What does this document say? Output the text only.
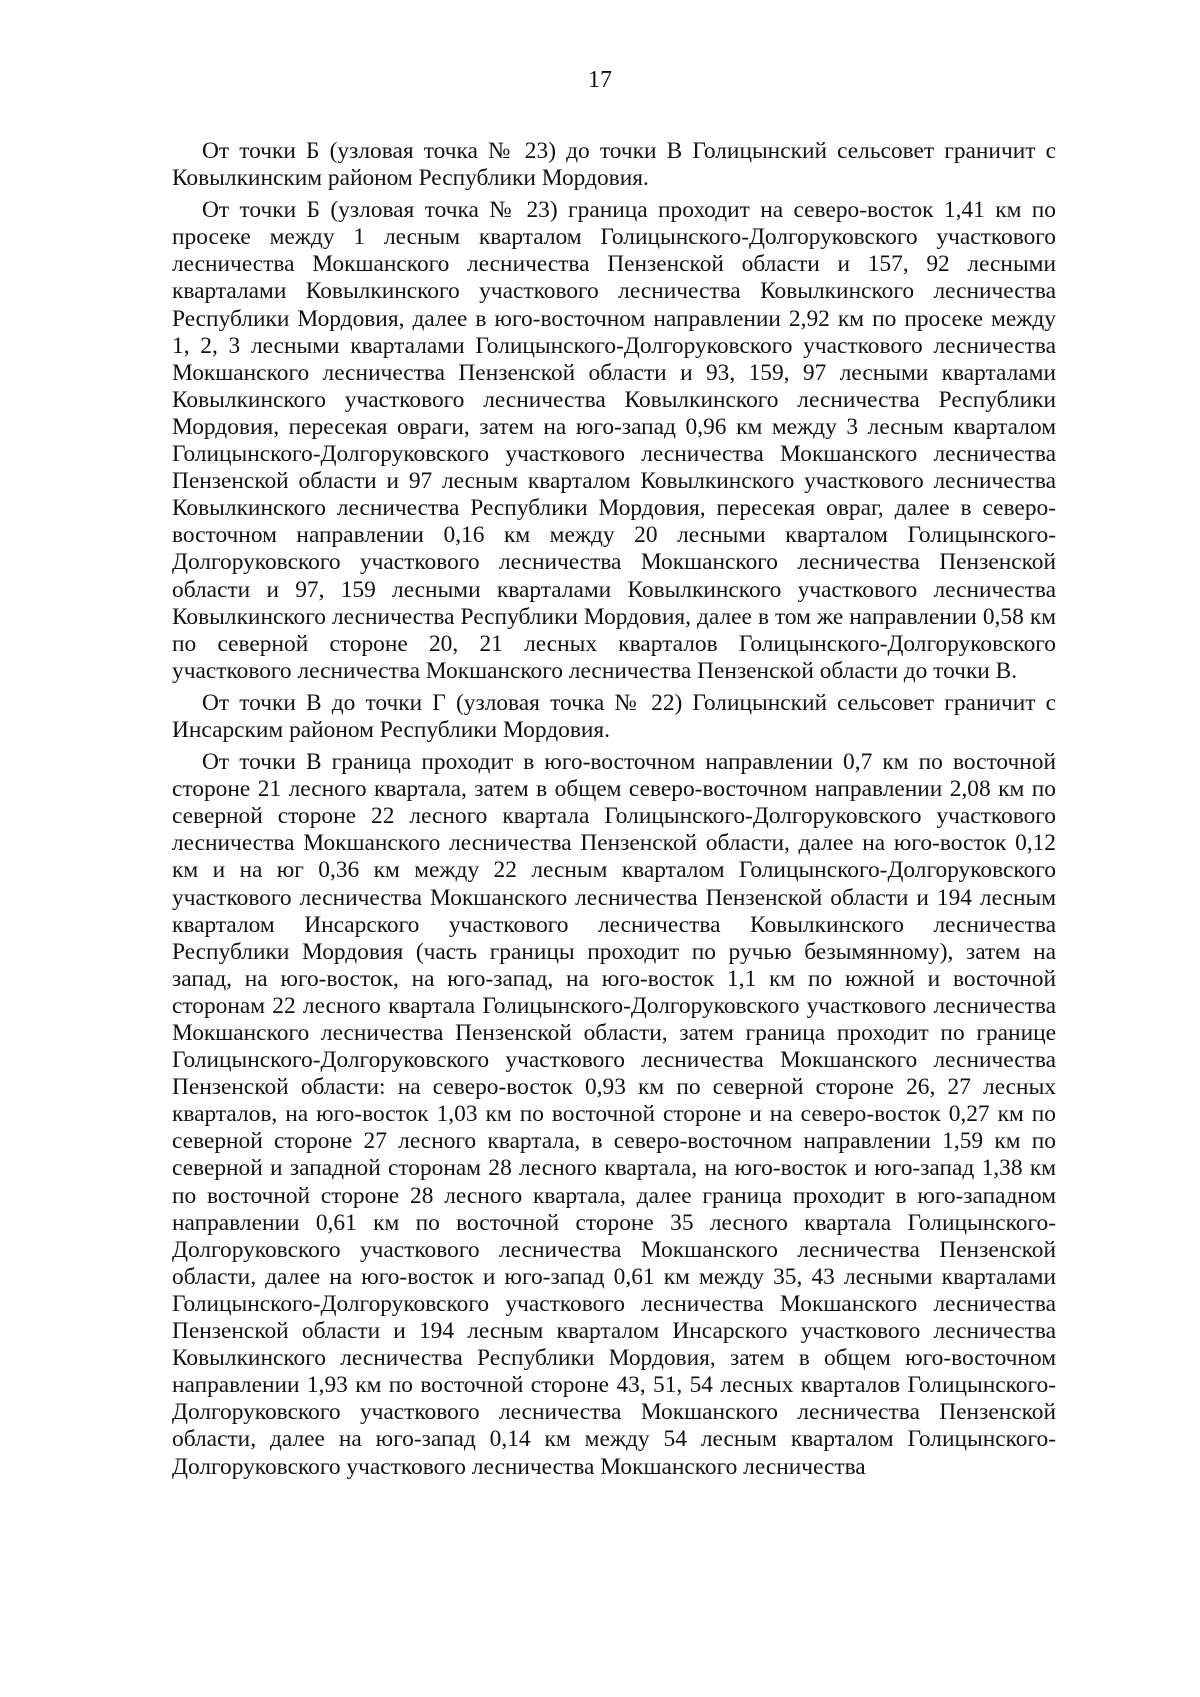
17

От точки Б (узловая точка № 23) до точки В Голицынский сельсовет граничит с Ковылкинским районом Республики Мордовия.

От точки Б (узловая точка № 23) граница проходит на северо-восток 1,41 км по просеке между 1 лесным кварталом Голицынского-Долгоруковского участкового лесничества Мокшанского лесничества Пензенской области и 157, 92 лесными кварталами Ковылкинского участкового лесничества Ковылкинского лесничества Республики Мордовия, далее в юго-восточном направлении 2,92 км по просеке между 1, 2, 3 лесными кварталами Голицынского-Долгоруковского участкового лесничества Мокшанского лесничества Пензенской области и 93, 159, 97 лесными кварталами Ковылкинского участкового лесничества Ковылкинского лесничества Республики Мордовия, пересекая овраги, затем на юго-запад 0,96 км между 3 лесным кварталом Голицынского-Долгоруковского участкового лесничества Мокшанского лесничества Пензенской области и 97 лесным кварталом Ковылкинского участкового лесничества Ковылкинского лесничества Республики Мордовия, пересекая овраг, далее в северо-восточном направлении 0,16 км между 20 лесными кварталом Голицынского-Долгоруковского участкового лесничества Мокшанского лесничества Пензенской области и 97, 159 лесными кварталами Ковылкинского участкового лесничества Ковылкинского лесничества Республики Мордовия, далее в том же направлении 0,58 км по северной стороне 20, 21 лесных кварталов Голицынского-Долгоруковского участкового лесничества Мокшанского лесничества Пензенской области до точки В.

От точки В до точки Г (узловая точка № 22) Голицынский сельсовет граничит с Инсарским районом Республики Мордовия.

От точки В граница проходит в юго-восточном направлении 0,7 км по восточной стороне 21 лесного квартала, затем в общем северо-восточном направлении 2,08 км по северной стороне 22 лесного квартала Голицынского-Долгоруковского участкового лесничества Мокшанского лесничества Пензенской области, далее на юго-восток 0,12 км и на юг 0,36 км между 22 лесным кварталом Голицынского-Долгоруковского участкового лесничества Мокшанского лесничества Пензенской области и 194 лесным кварталом Инсарского участкового лесничества Ковылкинского лесничества Республики Мордовия (часть границы проходит по ручью безымянному), затем на запад, на юго-восток, на юго-запад, на юго-восток 1,1 км по южной и восточной сторонам 22 лесного квартала Голицынского-Долгоруковского участкового лесничества Мокшанского лесничества Пензенской области, затем граница проходит по границе Голицынского-Долгоруковского участкового лесничества Мокшанского лесничества Пензенской области: на северо-восток 0,93 км по северной стороне 26, 27 лесных кварталов, на юго-восток 1,03 км по восточной стороне и на северо-восток 0,27 км по северной стороне 27 лесного квартала, в северо-восточном направлении 1,59 км по северной и западной сторонам 28 лесного квартала, на юго-восток и юго-запад 1,38 км по восточной стороне 28 лесного квартала, далее граница проходит в юго-западном направлении 0,61 км по восточной стороне 35 лесного квартала Голицынского-Долгоруковского участкового лесничества Мокшанского лесничества Пензенской области, далее на юго-восток и юго-запад 0,61 км между 35, 43 лесными кварталами Голицынского-Долгоруковского участкового лесничества Мокшанского лесничества Пензенской области и 194 лесным кварталом Инсарского участкового лесничества Ковылкинского лесничества Республики Мордовия, затем в общем юго-восточном направлении 1,93 км по восточной стороне 43, 51, 54 лесных кварталов Голицынского-Долгоруковского участкового лесничества Мокшанского лесничества Пензенской области, далее на юго-запад 0,14 км между 54 лесным кварталом Голицынского-Долгоруковского участкового лесничества Мокшанского лесничества
